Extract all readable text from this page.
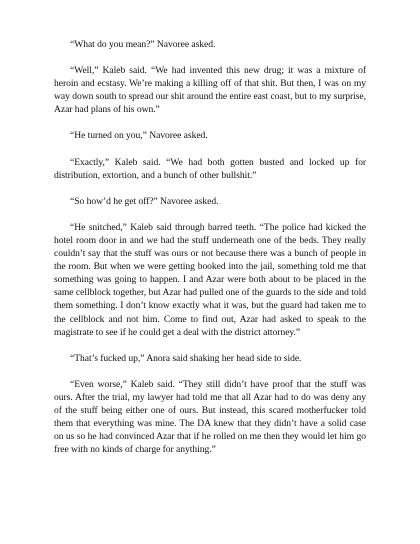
“What do you mean?” Navoree asked.

“Well,” Kaleb said. “We had invented this new drug; it was a mixture of heroin and ecstasy. We’re making a killing off of that shit. But then, I was on my way down south to spread our shit around the entire east coast, but to my surprise, Azar had plans of his own.”

“He turned on you,” Navoree asked.

“Exactly,” Kaleb said. “We had both gotten busted and locked up for distribution, extortion, and a bunch of other bullshit.”

“So how’d he get off?” Navoree asked.

“He snitched,” Kaleb said through barred teeth. “The police had kicked the hotel room door in and we had the stuff underneath one of the beds. They really couldn’t say that the stuff was ours or not because there was a bunch of people in the room. But when we were getting booked into the jail, something told me that something was going to happen. I and Azar were both about to be placed in the same cellblock together, but Azar had pulled one of the guards to the side and told them something. I don’t know exactly what it was, but the guard had taken me to the cellblock and not him. Come to find out, Azar had asked to speak to the magistrate to see if he could get a deal with the district attorney.”

“That’s fucked up,” Anora said shaking her head side to side.

“Even worse,” Kaleb said. “They still didn’t have proof that the stuff was ours. After the trial, my lawyer had told me that all Azar had to do was deny any of the stuff being either one of ours. But instead, this scared motherfucker told them that everything was mine. The DA knew that they didn’t have a solid case on us so he had convinced Azar that if he rolled on me then they would let him go free with no kinds of charge for anything.”
